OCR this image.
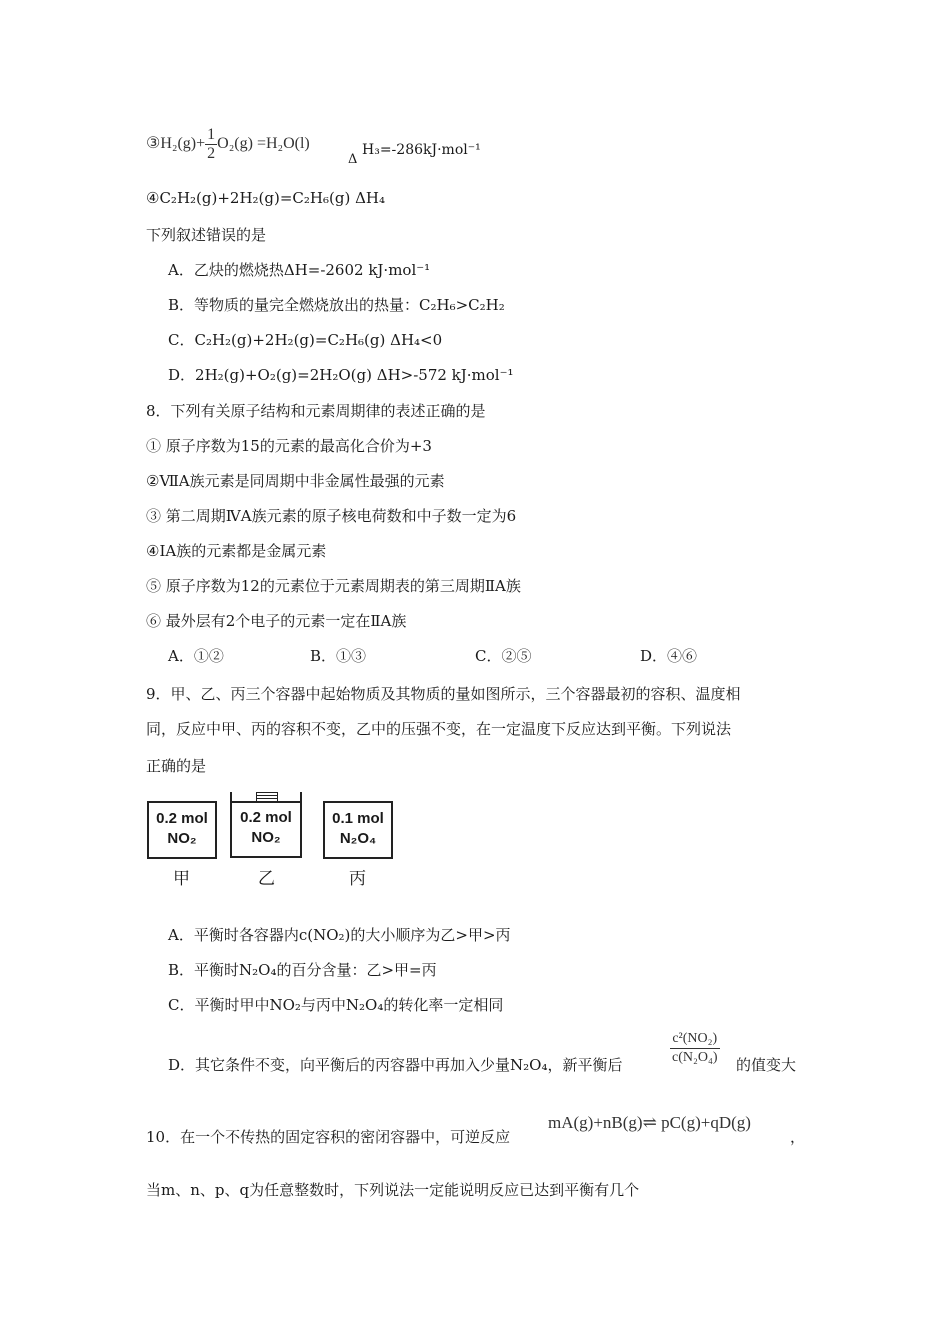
③H₂(g)+ $\frac{1}{2} O_2(g) =H_2O(l)$
Δ
H₃=-286kJ·mol⁻¹
④C₂H₂(g)+2H₂(g)=C₂H₆(g) ΔH₄
下列叙述错误的是
A．乙炔的燃烧热ΔH=-2602 kJ·mol⁻¹
B．等物质的量完全燃烧放出的热量：C₂H₆>C₂H₂
C．C₂H₂(g)+2H₂(g)=C₂H₆(g) ΔH₄<0
D．2H₂(g)+O₂(g)=2H₂O(g) ΔH>-572 kJ·mol⁻¹
8．下列有关原子结构和元素周期律的表述正确的是
① 原子序数为15的元素的最高化合价为+3
②ⅦA族元素是同周期中非金属性最强的元素
③ 第二周期ⅣA族元素的原子核电荷数和中子数一定为6
④ⅠA族的元素都是金属元素
⑤ 原子序数为12的元素位于元素周期表的第三周期ⅡA族
⑥ 最外层有2个电子的元素一定在ⅡA族
A．①②	B．①③	C．②⑤	D．④⑥
9．甲、乙、丙三个容器中起始物质及其物质的量如图所示，三个容器最初的容积、温度相
同，反应中甲、丙的容积不变，乙中的压强不变，在一定温度下反应达到平衡。下列说法
正确的是
0.2 mol
NO₂
甲
0.2 mol
NO₂
乙
0.1 mol
N₂O₄
丙
A．平衡时各容器内c(NO₂)的大小顺序为乙>甲>丙
B．平衡时N₂O₄的百分含量：乙>甲=丙
C．平衡时甲中NO₂与丙中N₂O₄的转化率一定相同
D．其它条件不变，向平衡后的丙容器中再加入少量N₂O₄，新平衡后	$\frac{\text{c²(NO₂)}}{\text{c(N₂O₄)}}$ 的值变大
10．在一个不传热的固定容积的密闭容器中，可逆反应
mA(g)+nB(g)⇌ pC(g)+qD(g)
，
当m、n、p、q为任意整数时，下列说法一定能说明反应已达到平衡有几个
